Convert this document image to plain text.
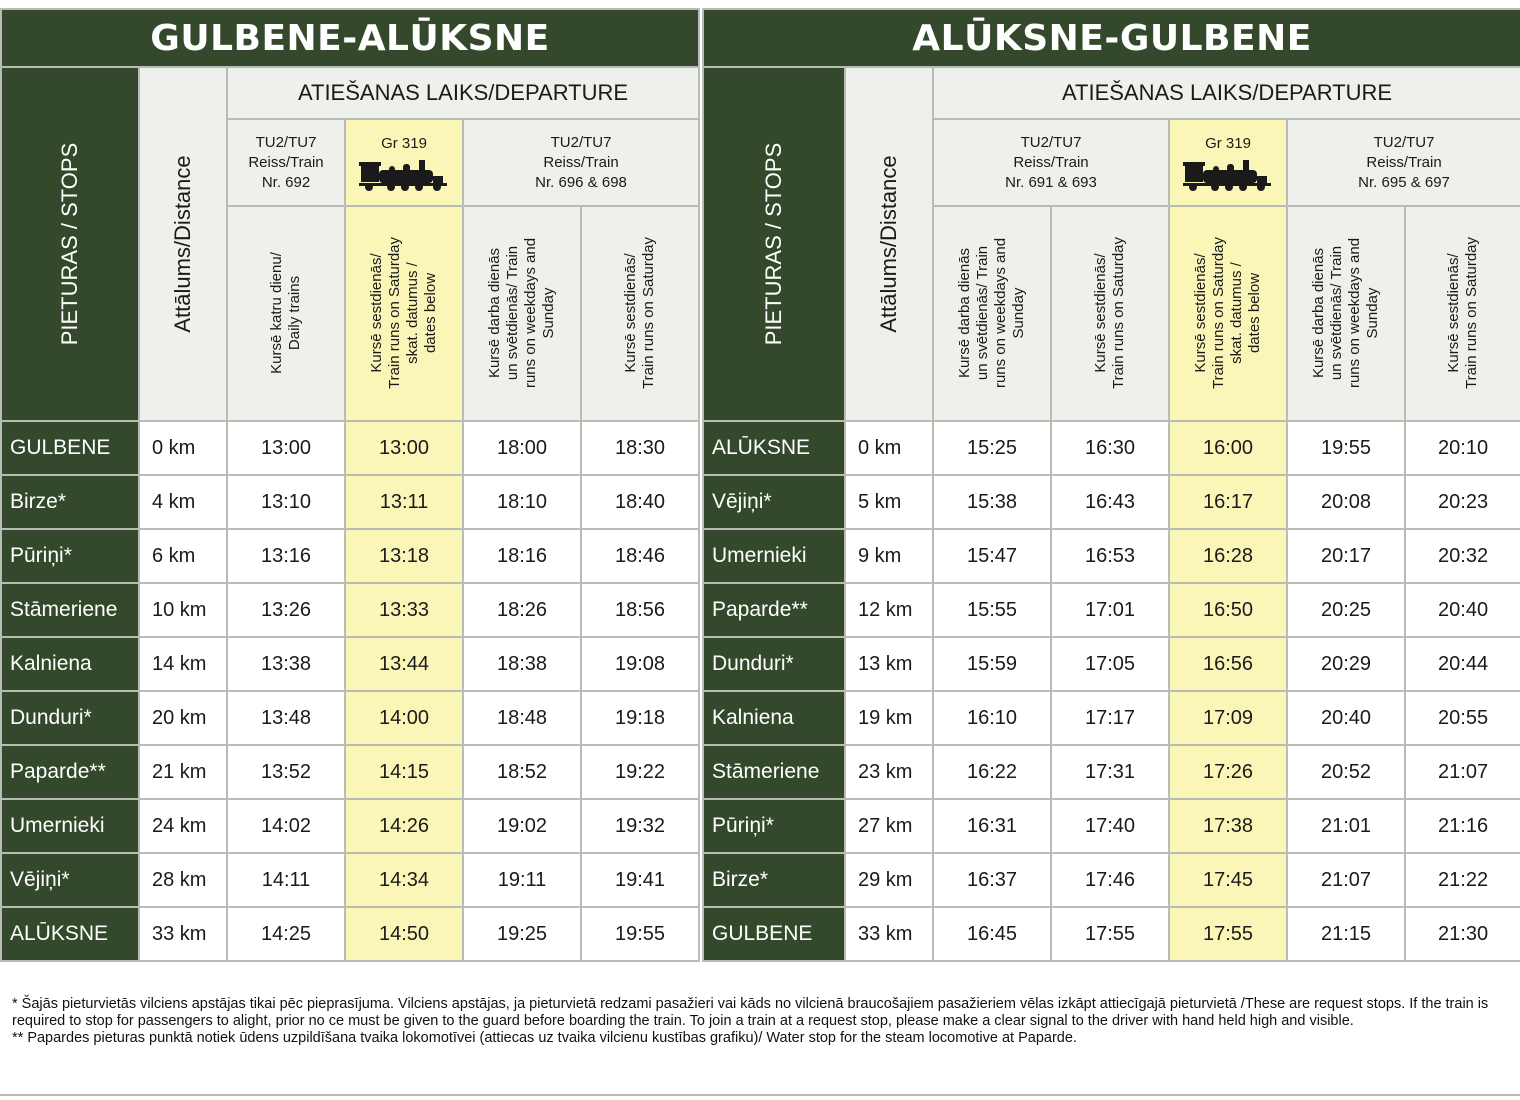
GULBENE-ALŪKSNE					

PIETURAS / STOPS	Attālums/Distance	ATIEŠANAS LAIKS/DEPARTURE			
		TU2/TU7
Reiss/Train
Nr. 692	Gr 319	TU2/TU7
Reiss/Train
Nr. 696 & 698	

		Kursē katru dienu/
Daily trains	Kursē sestdienās/
Train runs on Saturday
skat. datumus /
dates below	Kursē darba dienās
un svētdienās/ Train
runs on weekdays and
Sunday	Kursē sestdienās/
Train runs on Saturday

GULBENE	0 km	13:00	13:00	18:00	18:30
Birze*	4 km	13:10	13:11	18:10	18:40
Pūriņi*	6 km	13:16	13:18	18:16	18:46
Stāmeriene	10 km	13:26	13:33	18:26	18:56
Kalniena	14 km	13:38	13:44	18:38	19:08
Dunduri*	20 km	13:48	14:00	18:48	19:18
Paparde**	21 km	13:52	14:15	18:52	19:22
Umernieki	24 km	14:02	14:26	19:02	19:32
Vējiņi*	28 km	14:11	14:34	19:11	19:41
ALŪKSNE	33 km	14:25	14:50	19:25	19:55
ALŪKSNE-GULBENE						

PIETURAS / STOPS	Attālums/Distance	ATIEŠANAS LAIKS/DEPARTURE				
		TU2/TU7
Reiss/Train
Nr. 691 & 693		Gr 319	TU2/TU7
Reiss/Train
Nr. 695 & 697	

		Kursē darba dienās
un svētdienās/ Train
runs on weekdays and
Sunday	Kursē sestdienās/
Train runs on Saturday	Kursē sestdienās/
Train runs on Saturday
skat. datumus /
dates below	Kursē darba dienās
un svētdienās/ Train
runs on weekdays and
Sunday	Kursē sestdienās/
Train runs on Saturday

ALŪKSNE	0 km	15:25	16:30	16:00	19:55	20:10
Vējiņi*	5 km	15:38	16:43	16:17	20:08	20:23
Umernieki	9 km	15:47	16:53	16:28	20:17	20:32
Paparde**	12 km	15:55	17:01	16:50	20:25	20:40
Dunduri*	13 km	15:59	17:05	16:56	20:29	20:44
Kalniena	19 km	16:10	17:17	17:09	20:40	20:55
Stāmeriene	23 km	16:22	17:31	17:26	20:52	21:07
Pūriņi*	27 km	16:31	17:40	17:38	21:01	21:16
Birze*	29 km	16:37	17:46	17:45	21:07	21:22
GULBENE	33 km	16:45	17:55	17:55	21:15	21:30

* Šajās pieturvietās vilciens apstājas tikai pēc pieprasījuma. Vilciens apstājas, ja pieturvietā redzami pasažieri vai kāds no vilcienā braucošajiem pasažieriem vēlas izkāpt attiecīgajā pieturvietā /These are request stops. If the train is required to stop for passengers to alight, prior no ce must be given to the guard before boarding the train. To join a train at a request stop, please make a clear signal to the driver with hand held high and visible.

** Papardes pieturas punktā notiek ūdens uzpildīšana tvaika lokomotīvei (attiecas uz tvaika vilcienu kustības grafiku)/ Water stop for the steam locomotive at Paparde.
